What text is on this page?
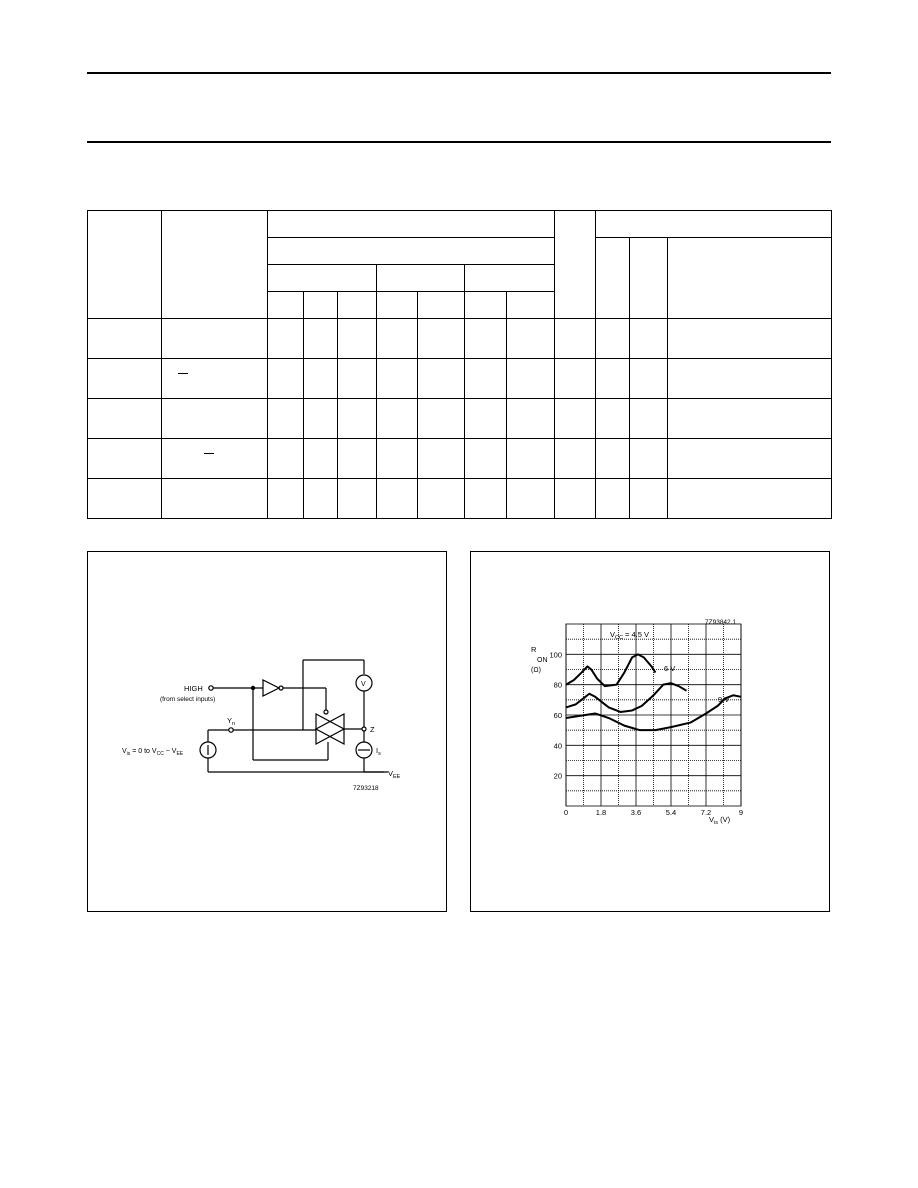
HIGH
(from select inputs)
$Y_n$
$V_{is} = 0$ to $V_{CC} - V_{EE}$
V
Z
$I_s$
$V_{EE}$
7Z93218
100
80
60
40
20
0	1.8	3.6	5.4	7.2	9
7Z93842.1
R
ON
(Ω)
$V_{is}$ (V)
$V_{CC} = 4.5$ V
6 V
9 V
